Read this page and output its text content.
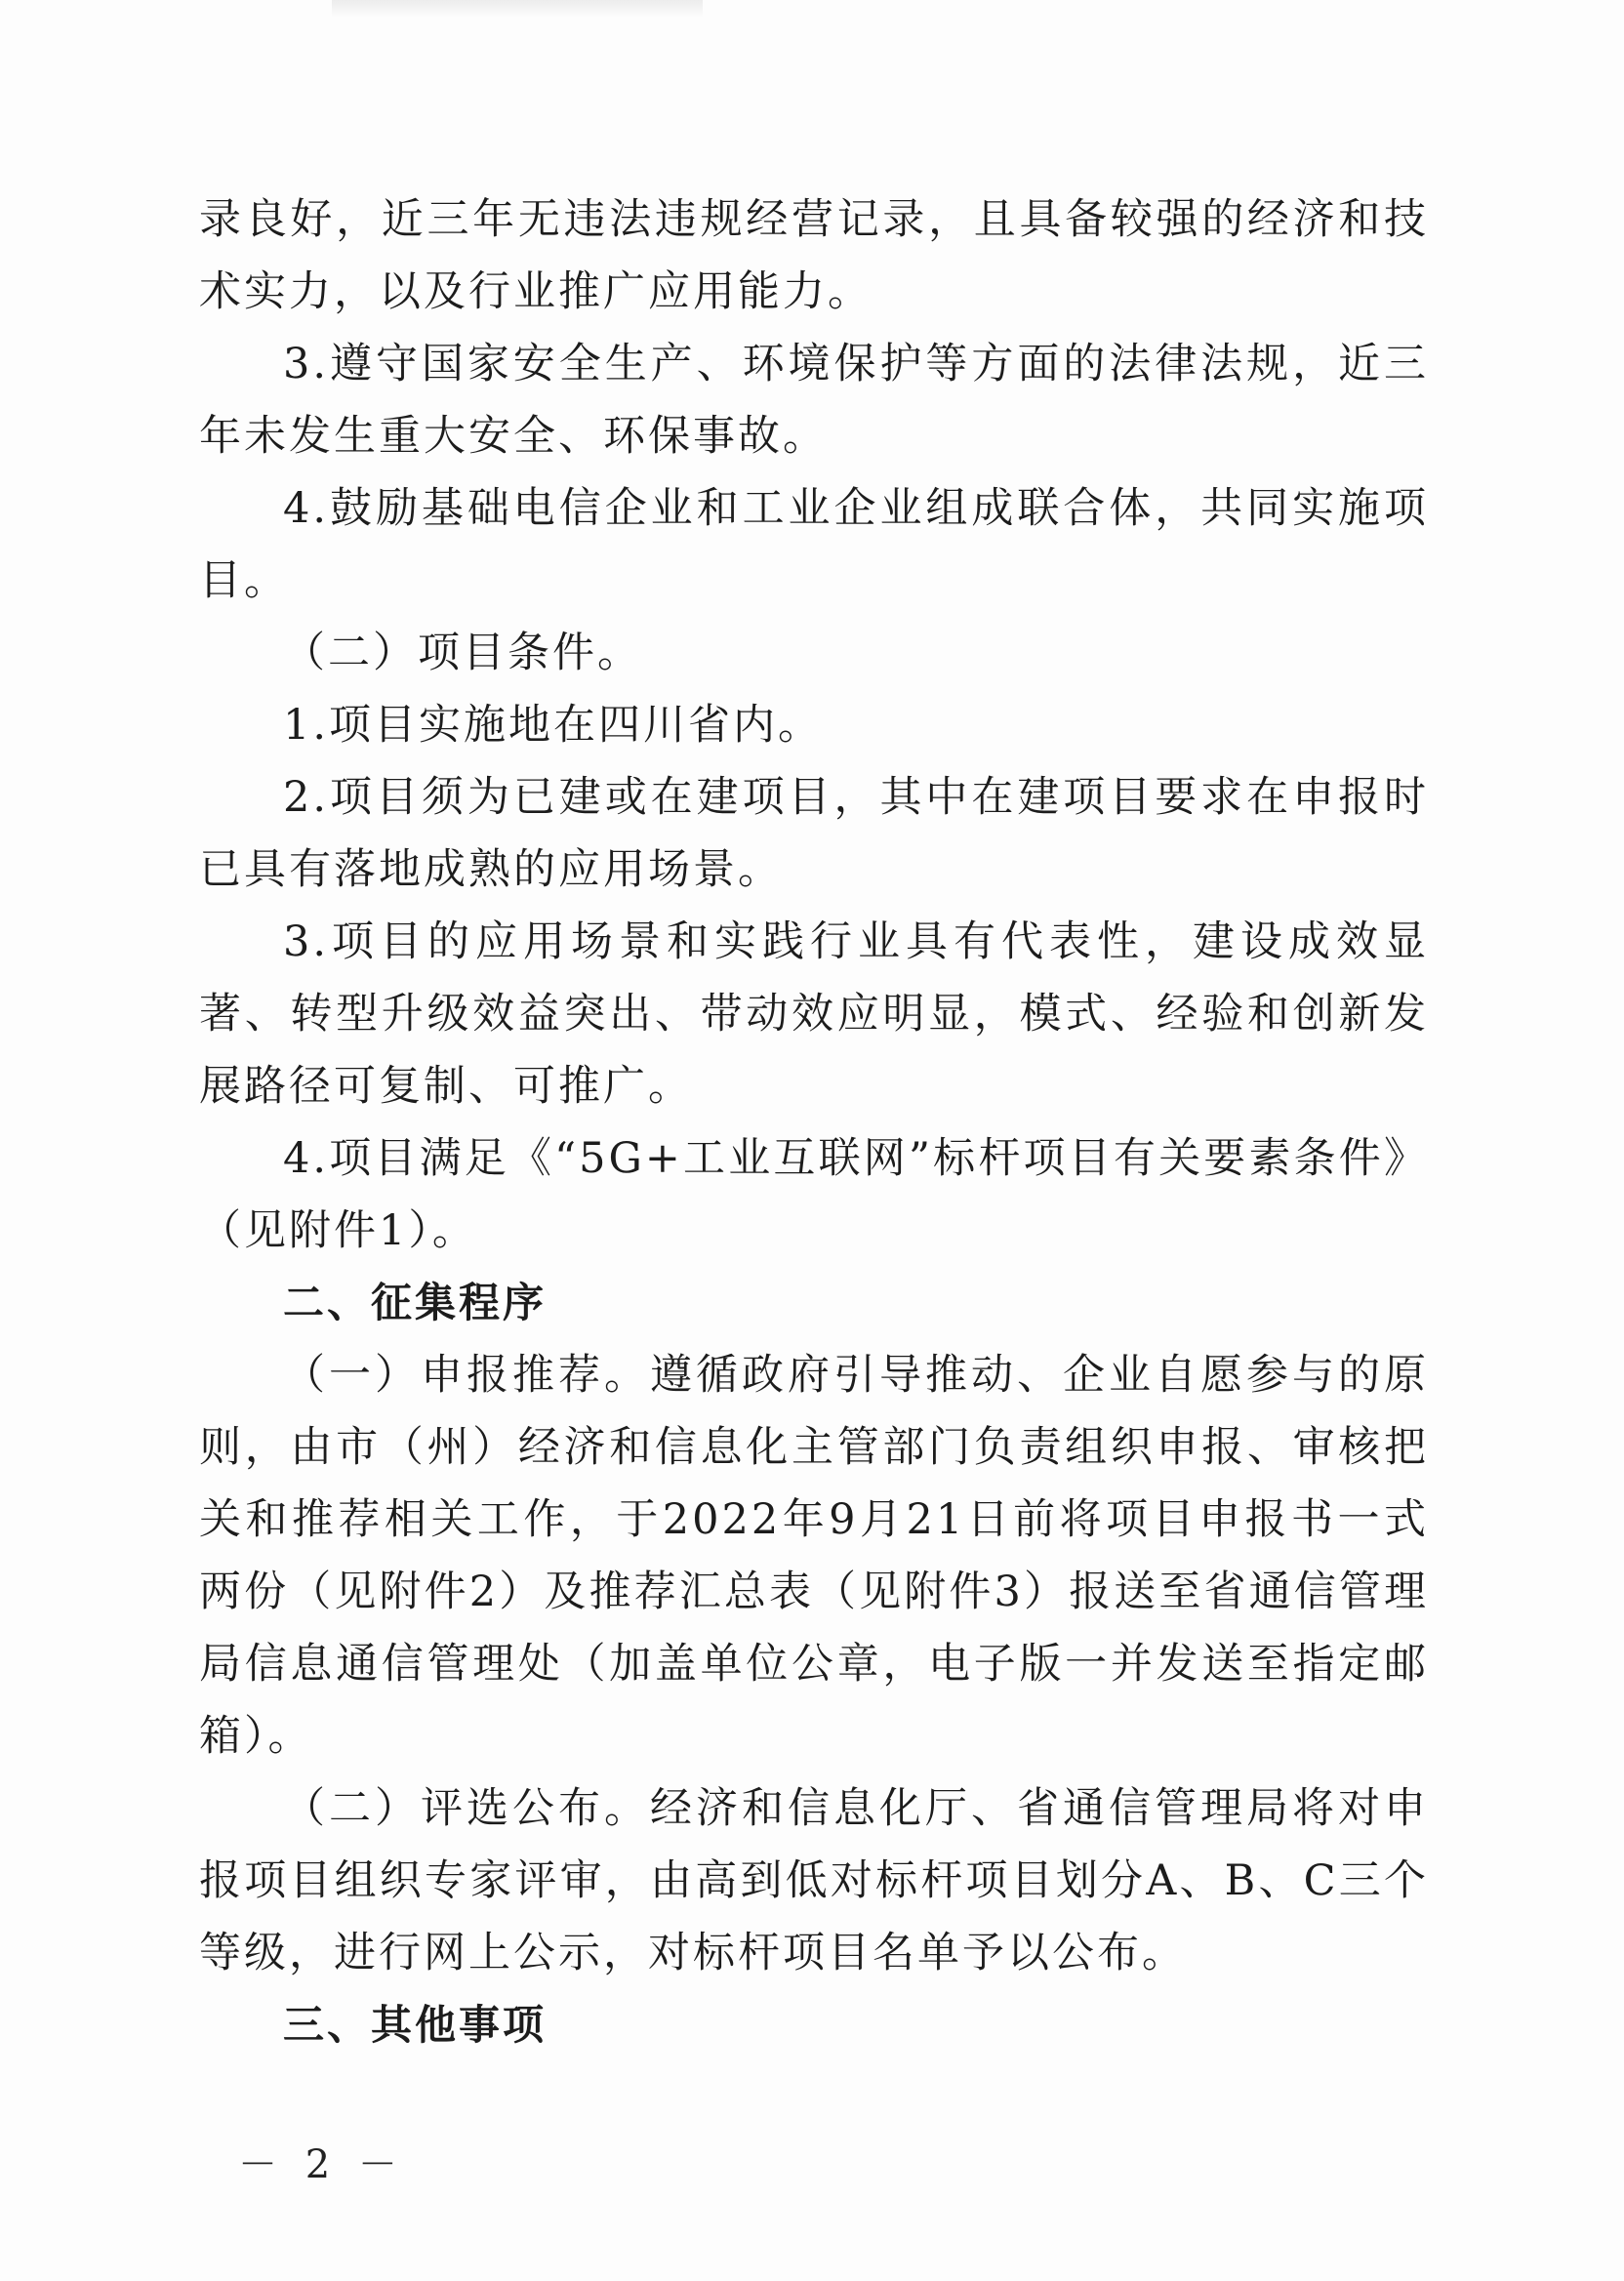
录良好，近三年无违法违规经营记录，且具备较强的经济和技术实力，以及行业推广应用能力。

3.遵守国家安全生产、环境保护等方面的法律法规，近三年未发生重大安全、环保事故。

4.鼓励基础电信企业和工业企业组成联合体，共同实施项目。

（二）项目条件。

1.项目实施地在四川省内。

2.项目须为已建或在建项目，其中在建项目要求在申报时已具有落地成熟的应用场景。

3.项目的应用场景和实践行业具有代表性，建设成效显著、转型升级效益突出、带动效应明显，模式、经验和创新发展路径可复制、可推广。

4.项目满足《“5G+工业互联网”标杆项目有关要素条件》（见附件1）。

二、征集程序

（一）申报推荐。遵循政府引导推动、企业自愿参与的原则，由市（州）经济和信息化主管部门负责组织申报、审核把关和推荐相关工作，于2022年9月21日前将项目申报书一式两份（见附件2）及推荐汇总表（见附件3）报送至省通信管理局信息通信管理处（加盖单位公章，电子版一并发送至指定邮箱）。

（二）评选公布。经济和信息化厅、省通信管理局将对申报项目组织专家评审，由高到低对标杆项目划分A、B、C三个等级，进行网上公示，对标杆项目名单予以公布。

三、其他事项

－ 2 －
